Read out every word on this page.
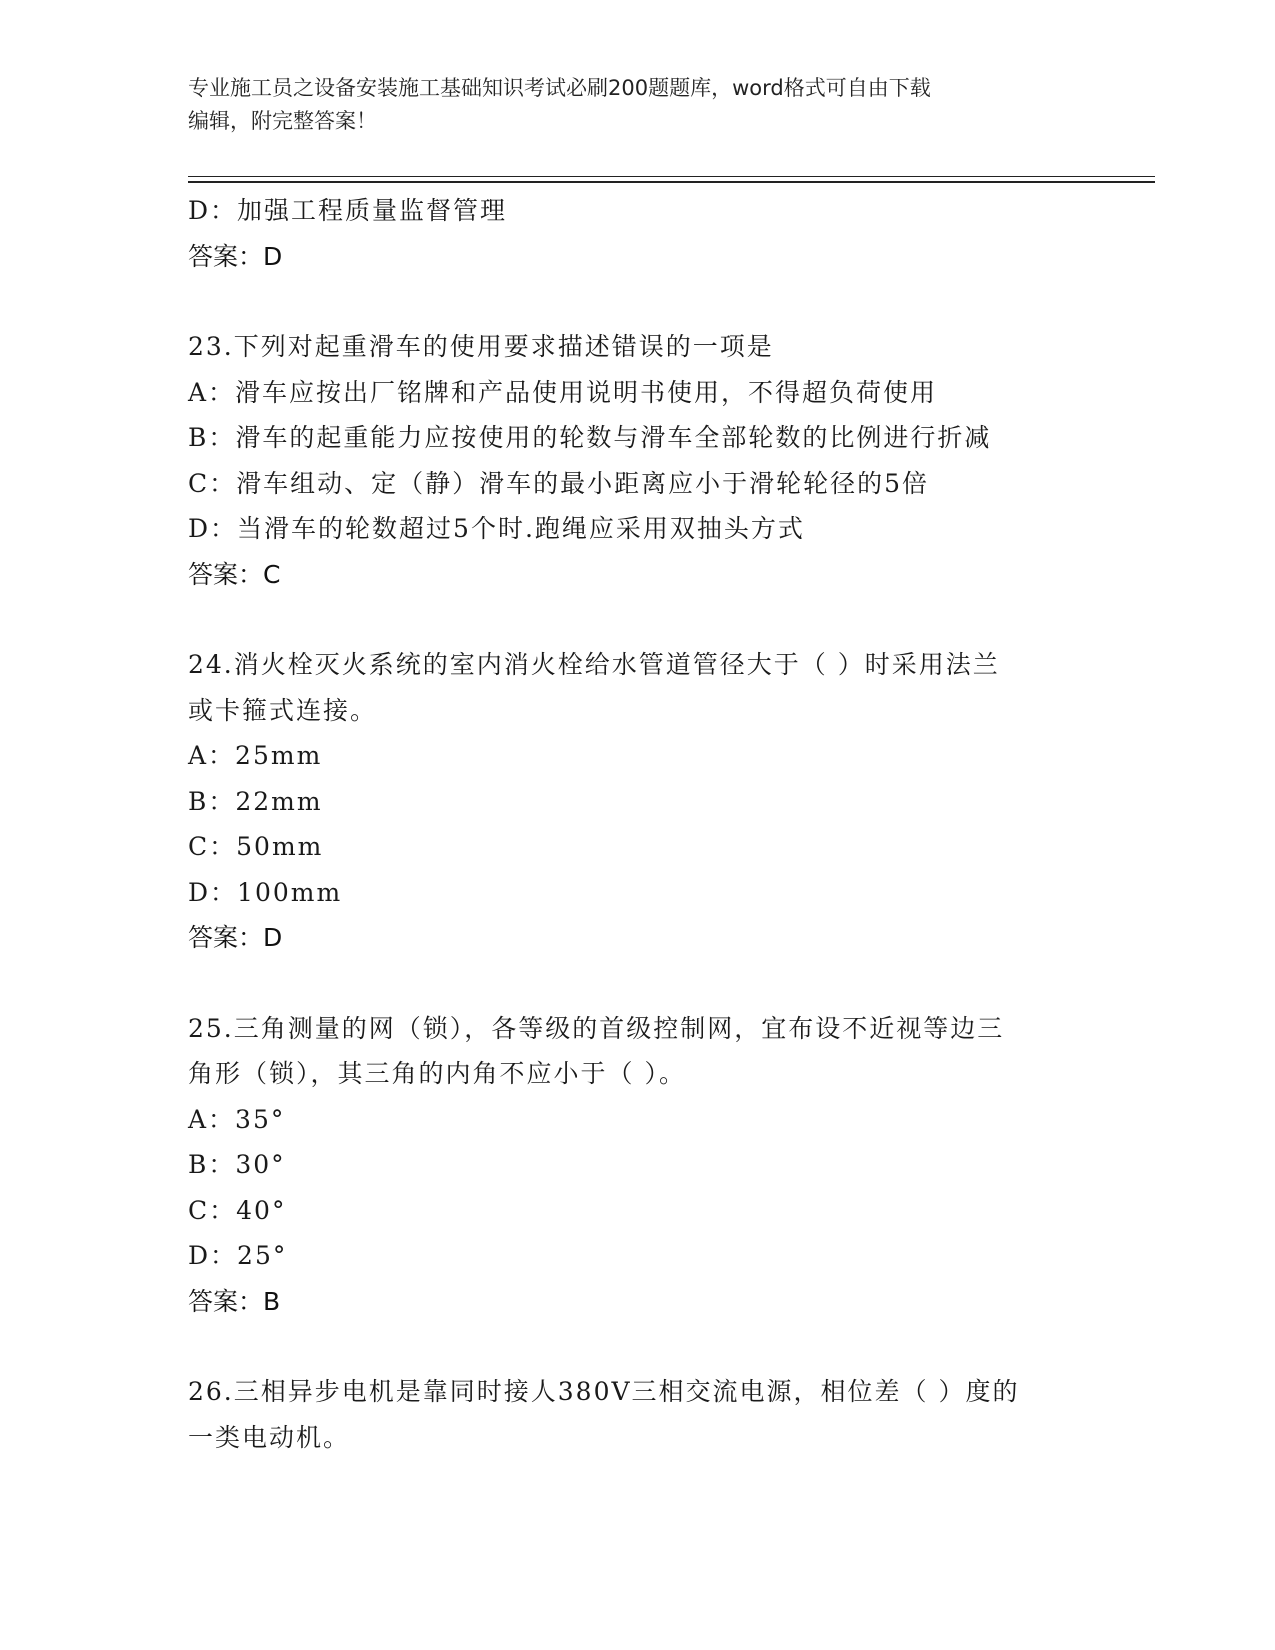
专业施工员之设备安装施工基础知识考试必刷200题题库，word格式可自由下载
编辑，附完整答案！
D：加强工程质量监督管理
答案：D
23.下列对起重滑车的使用要求描述错误的一项是
A：滑车应按出厂铭牌和产品使用说明书使用，不得超负荷使用
B：滑车的起重能力应按使用的轮数与滑车全部轮数的比例进行折减
C：滑车组动、定（静）滑车的最小距离应小于滑轮轮径的5倍
D：当滑车的轮数超过5个时.跑绳应采用双抽头方式
答案：C
24.消火栓灭火系统的室内消火栓给水管道管径大于（ ）时采用法兰
或卡箍式连接。
A：25mm
B：22mm
C：50mm
D：100mm
答案：D
25.三角测量的网（锁），各等级的首级控制网，宜布设不近视等边三
角形（锁），其三角的内角不应小于（ ）。
A：35°
B：30°
C：40°
D：25°
答案：B
26.三相异步电机是靠同时接人380V三相交流电源，相位差（ ）度的
一类电动机。
